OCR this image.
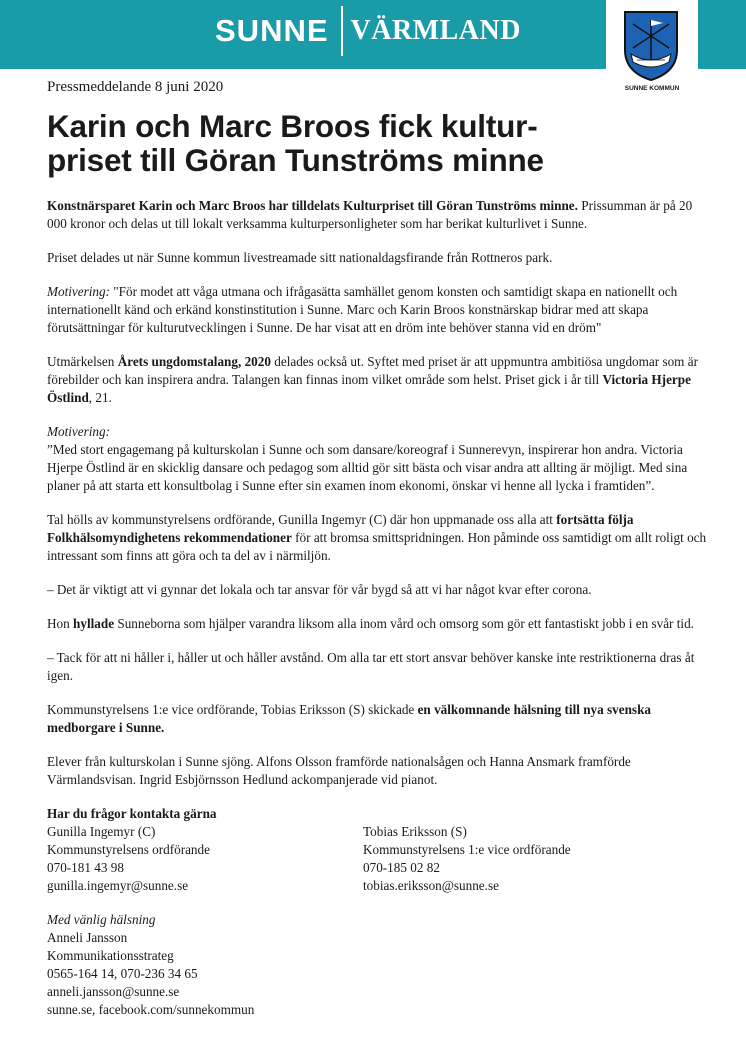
SUNNE VÄRMLAND
SUNNE KOMMUN

Pressmeddelande 8 juni 2020

Karin och Marc Broos fick kultur-
priset till Göran Tunströms minne

Konstnärsparet Karin och Marc Broos har tilldelats Kulturpriset till Göran Tunströms minne. Prissumman är på 20 000 kronor och delas ut till lokalt verksamma kulturpersonligheter som har berikat kulturlivet i Sunne.

Priset delades ut när Sunne kommun livestreamade sitt nationaldagsfirande från Rottneros park.

Motivering: "För modet att våga utmana och ifrågasätta samhället genom konsten och samtidigt skapa en nationellt och internationellt känd och erkänd konstinstitution i Sunne. Marc och Karin Broos konstnärskap bidrar med att skapa förutsättningar för kulturutvecklingen i Sunne. De har visat att en dröm inte behöver stanna vid en dröm"

Utmärkelsen Årets ungdomstalang, 2020 delades också ut. Syftet med priset är att uppmuntra ambitiösa ungdomar som är förebilder och kan inspirera andra. Talangen kan finnas inom vilket område som helst. Priset gick i år till Victoria Hjerpe Östlind, 21.

Motivering:
”Med stort engagemang på kulturskolan i Sunne och som dansare/koreograf i Sunnerevyn, inspirerar hon andra. Victoria Hjerpe Östlind är en skicklig dansare och pedagog som alltid gör sitt bästa och visar andra att allting är möjligt. Med sina planer på att starta ett konsultbolag i Sunne efter sin examen inom ekonomi, önskar vi henne all lycka i framtiden”.

Tal hölls av kommunstyrelsens ordförande, Gunilla Ingemyr (C) där hon uppmanade oss alla att fortsätta följa Folkhälsomyndighetens rekommendationer för att bromsa smittspridningen. Hon påminde oss samtidigt om allt roligt och intressant som finns att göra och ta del av i närmiljön.

– Det är viktigt att vi gynnar det lokala och tar ansvar för vår bygd så att vi har något kvar efter corona.

Hon hyllade Sunneborna som hjälper varandra liksom alla inom vård och omsorg som gör ett fantastiskt jobb i en svår tid.

– Tack för att ni håller i, håller ut och håller avstånd. Om alla tar ett stort ansvar behöver kanske inte restriktionerna dras åt igen.

Kommunstyrelsens 1:e vice ordförande, Tobias Eriksson (S) skickade en välkomnande hälsning till nya svenska medborgare i Sunne.

Elever från kulturskolan i Sunne sjöng. Alfons Olsson framförde nationalsågen och Hanna Ansmark framförde Värmlandsvisan. Ingrid Esbjörnsson Hedlund ackompanjerade vid pianot.

Har du frågor kontakta gärna
Gunilla Ingemyr (C)
Kommunstyrelsens ordförande
070-181 43 98
gunilla.ingemyr@sunne.se
Tobias Eriksson (S)
Kommunstyrelsens 1:e vice ordförande
070-185 02 82
tobias.eriksson@sunne.se
Med vänlig hälsning
Anneli Jansson
Kommunikationsstrateg
0565-164 14, 070-236 34 65
anneli.jansson@sunne.se
sunne.se, facebook.com/sunnekommun
